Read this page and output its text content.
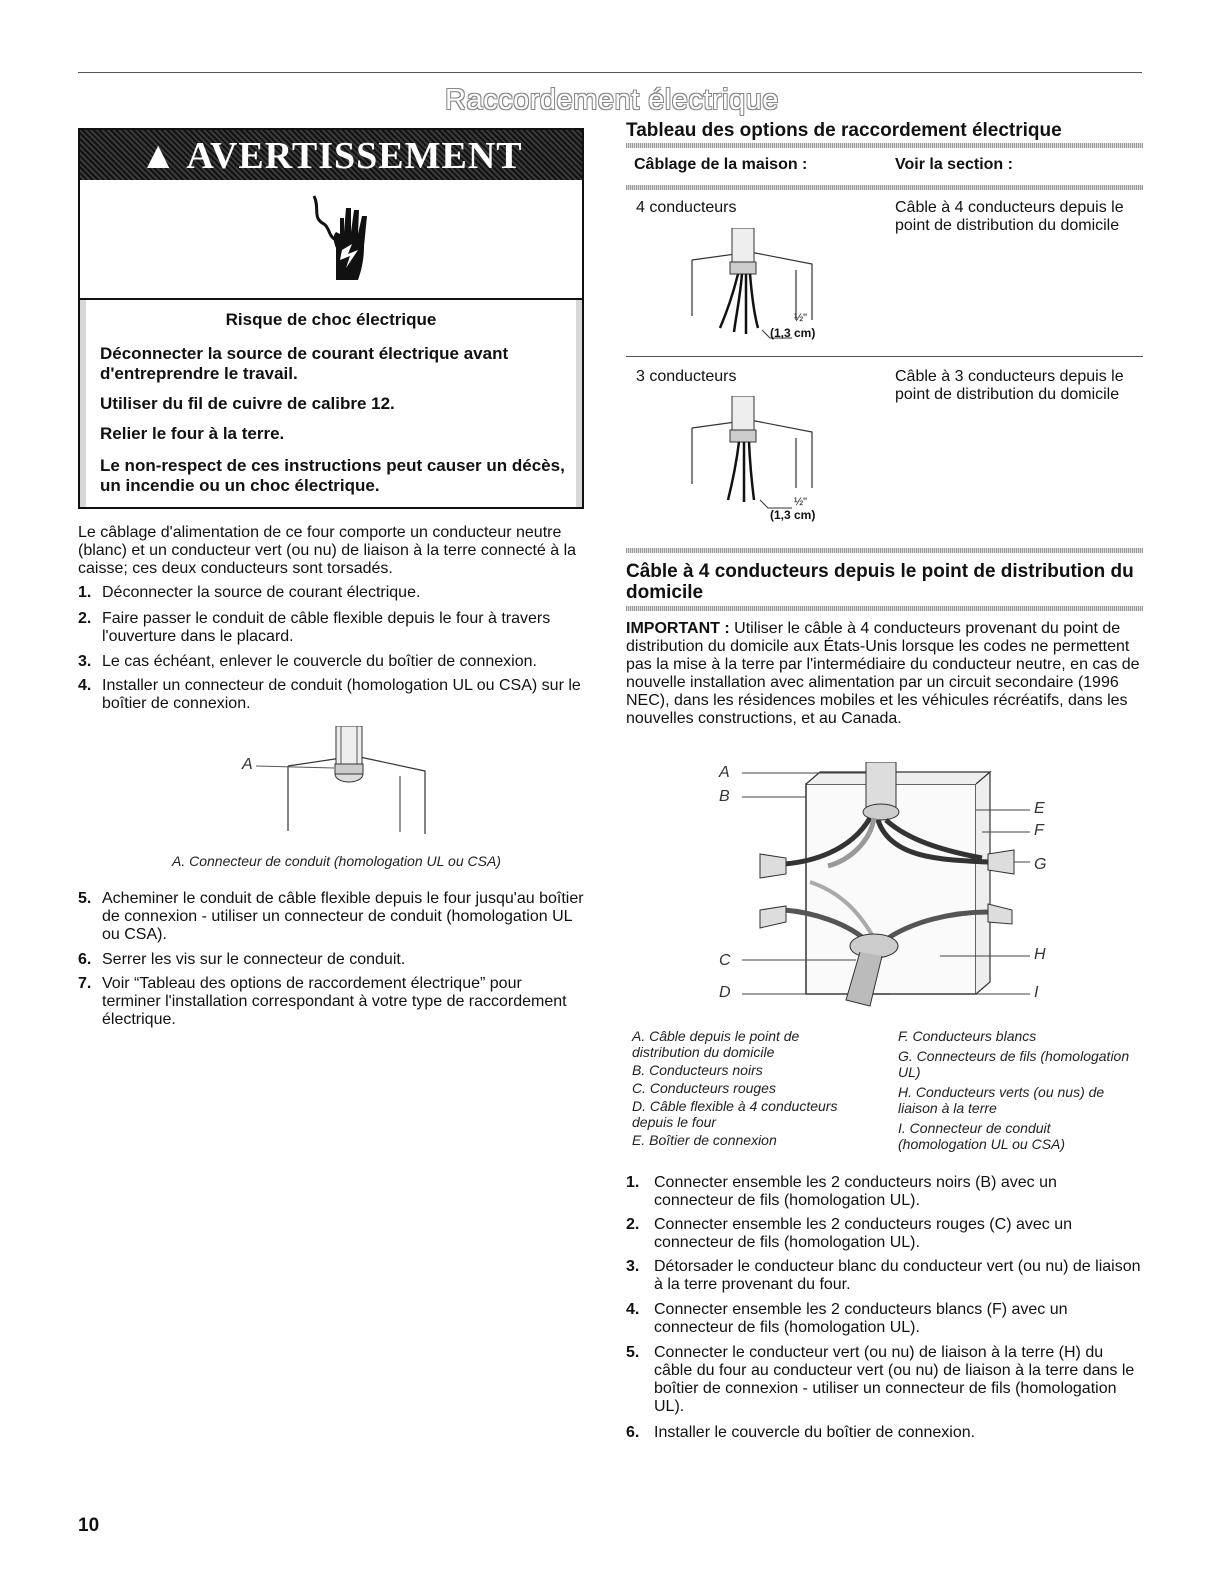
Raccordement électrique
▲ AVERTISSEMENT
Risque de choc électrique
Déconnecter la source de courant électrique avant d'entreprendre le travail.
Utiliser du fil de cuivre de calibre 12.
Relier le four à la terre.
Le non-respect de ces instructions peut causer un décès, un incendie ou un choc électrique.
Le câblage d'alimentation de ce four comporte un conducteur neutre (blanc) et un conducteur vert (ou nu) de liaison à la terre connecté à la caisse; ces deux conducteurs sont torsadés.
1. Déconnecter la source de courant électrique.
2. Faire passer le conduit de câble flexible depuis le four à travers l'ouverture dans le placard.
3. Le cas échéant, enlever le couvercle du boîtier de connexion.
4. Installer un connecteur de conduit (homologation UL ou CSA) sur le boîtier de connexion.
A
A. Connecteur de conduit (homologation UL ou CSA)
5. Acheminer le conduit de câble flexible depuis le four jusqu'au boîtier de connexion - utiliser un connecteur de conduit (homologation UL ou CSA).
6. Serrer les vis sur le connecteur de conduit.
7. Voir “Tableau des options de raccordement électrique” pour terminer l'installation correspondant à votre type de raccordement électrique.
Tableau des options de raccordement électrique
Câblage de la maison :	Voir la section :
4 conducteurs	Câble à 4 conducteurs depuis le point de distribution du domicile
½"
(1,3 cm)
3 conducteurs	Câble à 3 conducteurs depuis le point de distribution du domicile
½"
(1,3 cm)
Câble à 4 conducteurs depuis le point de distribution du domicile
IMPORTANT : Utiliser le câble à 4 conducteurs provenant du point de distribution du domicile aux États-Unis lorsque les codes ne permettent pas la mise à la terre par l'intermédiaire du conducteur neutre, en cas de nouvelle installation avec alimentation par un circuit secondaire (1996 NEC), dans les résidences mobiles et les véhicules récréatifs, dans les nouvelles constructions, et au Canada.
A
B
C
D
E
F
G
H
I
A. Câble depuis le point de distribution du domicile
B. Conducteurs noirs
C. Conducteurs rouges
D. Câble flexible à 4 conducteurs depuis le four
E. Boîtier de connexion
F. Conducteurs blancs
G. Connecteurs de fils (homologation UL)
H. Conducteurs verts (ou nus) de liaison à la terre
I. Connecteur de conduit (homologation UL ou CSA)
1. Connecter ensemble les 2 conducteurs noirs (B) avec un connecteur de fils (homologation UL).
2. Connecter ensemble les 2 conducteurs rouges (C) avec un connecteur de fils (homologation UL).
3. Détorsader le conducteur blanc du conducteur vert (ou nu) de liaison à la terre provenant du four.
4. Connecter ensemble les 2 conducteurs blancs (F) avec un connecteur de fils (homologation UL).
5. Connecter le conducteur vert (ou nu) de liaison à la terre (H) du câble du four au conducteur vert (ou nu) de liaison à la terre dans le boîtier de connexion - utiliser un connecteur de fils (homologation UL).
6. Installer le couvercle du boîtier de connexion.
10
